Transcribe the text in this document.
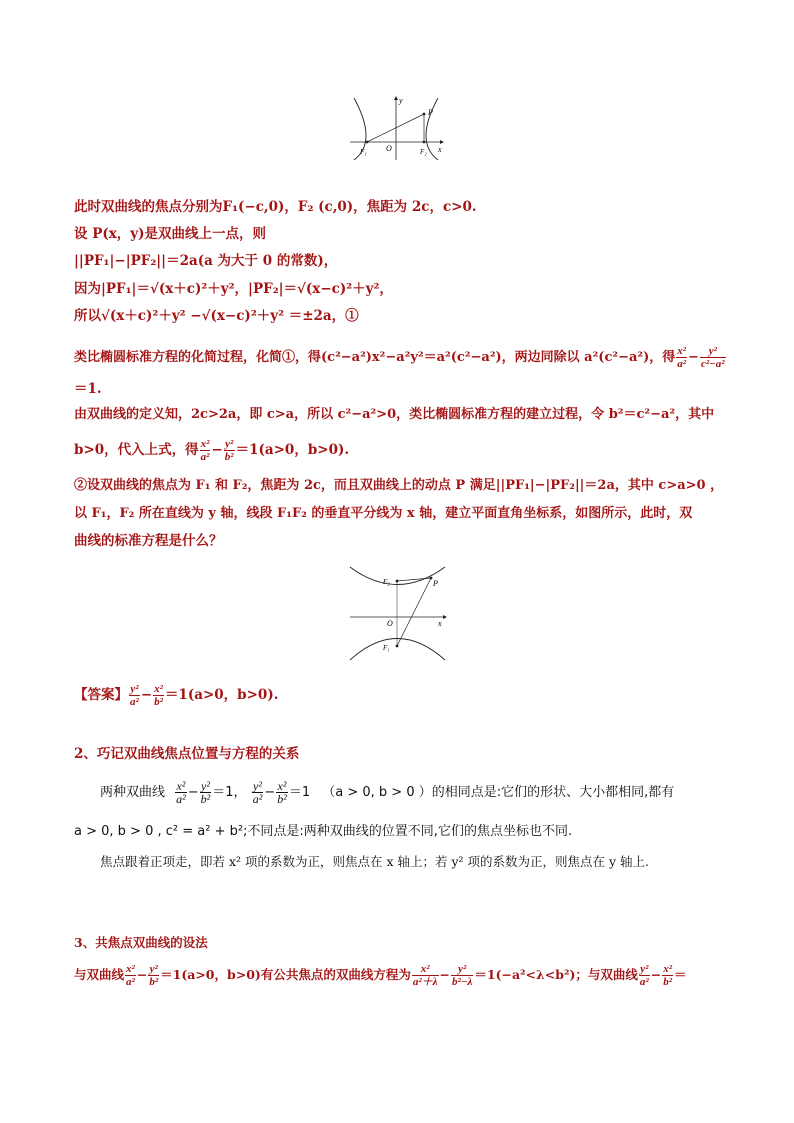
y
x
O
P
F₁	F₂
此时双曲线的焦点分别为F₁(−c,0)，F₂ (c,0)，焦距为 2c，c>0.
设 P(x，y)是双曲线上一点，则
||PF₁|−|PF₂||＝2a(a 为大于 0 的常数)，
因为|PF₁|＝√(x＋c)²＋y²，|PF₂|＝√(x−c)²＋y²，
所以√(x＋c)²＋y² −√(x−c)²＋y² ＝±2a，①
类比椭圆标准方程的化简过程，化简①，得(c²−a²)x²−a²y²＝a²(c²−a²)，两边同除以 a²(c²−a²)，得 $\frac{\text{x²}}{\text{a²}} - \frac{\text{y²}}{\text{c²−a²}}$
＝1.
由双曲线的定义知，2c>2a，即 c>a，所以 c²−a²>0，类比椭圆标准方程的建立过程，令 b²＝c²−a²，其中
b>0，代入上式，得 $\frac{\text{x²}}{\text{a²}} - \frac{\text{y²}}{\text{b²}} =1(a>0$，b>0).
②设双曲线的焦点为 F₁ 和 F₂，焦距为 2c，而且双曲线上的动点 P 满足||PF₁|−|PF₂||＝2a，其中 c>a>0 ，
以 F₁，F₂ 所在直线为 y 轴，线段 F₁F₂ 的垂直平分线为 x 轴，建立平面直角坐标系，如图所示，此时，双
曲线的标准方程是什么？
x
O
P
F₂
F₁
【答案】 $\frac{\text{y²}}{\text{a²}} - \frac{\text{x²}}{\text{b²}} =1(a>0$，b>0).
2、巧记双曲线焦点位置与方程的关系
两种双曲线 $\frac{\text{x²}}{\text{a²}} - \frac{\text{y²}}{\text{b²}} =1$， $\frac{\text{y²}}{\text{a²}} - \frac{\text{x²}}{\text{b²}} =1$ （a > 0, b > 0 ）的相同点是:它们的形状、大小都相同,都有
a > 0, b > 0 , c² = a² + b²;不同点是:两种双曲线的位置不同,它们的焦点坐标也不同.
焦点跟着正项走，即若 x² 项的系数为正，则焦点在 x 轴上；若 y² 项的系数为正，则焦点在 y 轴上.
3、共焦点双曲线的设法
与双曲线 $\frac{\text{x²}}{\text{a²}} - \frac{\text{y²}}{\text{b²}} =1(a>0$，b>0)有公共焦点的双曲线方程为 $\frac{\text{x²}}{\text{a²＋λ}} - \frac{\text{y²}}{\text{b²−λ}} =1(-a^2<\lambda<b^2)$；与双曲线 $\frac{\text{y²}}{\text{a²}} - \frac{\text{x²}}{\text{b²}}$ ＝
